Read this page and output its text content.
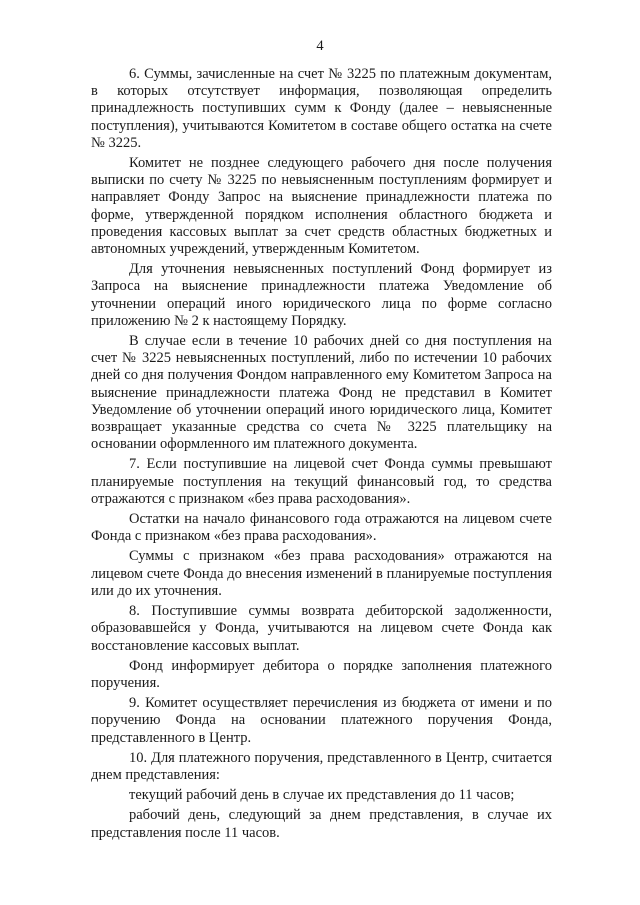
4

6. Суммы, зачисленные на счет № 3225 по платежным документам, в которых отсутствует информация, позволяющая определить принадлежность поступивших сумм к Фонду (далее – невыясненные поступления), учитываются Комитетом в составе общего остатка на счете № 3225.

Комитет не позднее следующего рабочего дня после получения выписки по счету № 3225 по невыясненным поступлениям формирует и направляет Фонду Запрос на выяснение принадлежности платежа по форме, утвержденной порядком исполнения областного бюджета и проведения кассовых выплат за счет средств областных бюджетных и автономных учреждений, утвержденным Комитетом.

Для уточнения невыясненных поступлений Фонд формирует из Запроса на выяснение принадлежности платежа Уведомление об уточнении операций иного юридического лица по форме согласно приложению № 2 к настоящему Порядку.

В случае если в течение 10 рабочих дней со дня поступления на счет № 3225 невыясненных поступлений, либо по истечении 10 рабочих дней со дня получения Фондом направленного ему Комитетом Запроса на выяснение принадлежности платежа Фонд не представил в Комитет Уведомление об уточнении операций иного юридического лица, Комитет возвращает указанные средства со счета № 3225 плательщику на основании оформленного им платежного документа.

7. Если поступившие на лицевой счет Фонда суммы превышают планируемые поступления на текущий финансовый год, то средства отражаются с признаком «без права расходования».

Остатки на начало финансового года отражаются на лицевом счете Фонда с признаком «без права расходования».

Суммы с признаком «без права расходования» отражаются на лицевом счете Фонда до внесения изменений в планируемые поступления или до их уточнения.

8. Поступившие суммы возврата дебиторской задолженности, образовавшейся у Фонда, учитываются на лицевом счете Фонда как восстановление кассовых выплат.

Фонд информирует дебитора о порядке заполнения платежного поручения.

9. Комитет осуществляет перечисления из бюджета от имени и по поручению Фонда на основании платежного поручения Фонда, представленного в Центр.

10. Для платежного поручения, представленного в Центр, считается днем представления:

текущий рабочий день в случае их представления до 11 часов;

рабочий день, следующий за днем представления, в случае их представления после 11 часов.
